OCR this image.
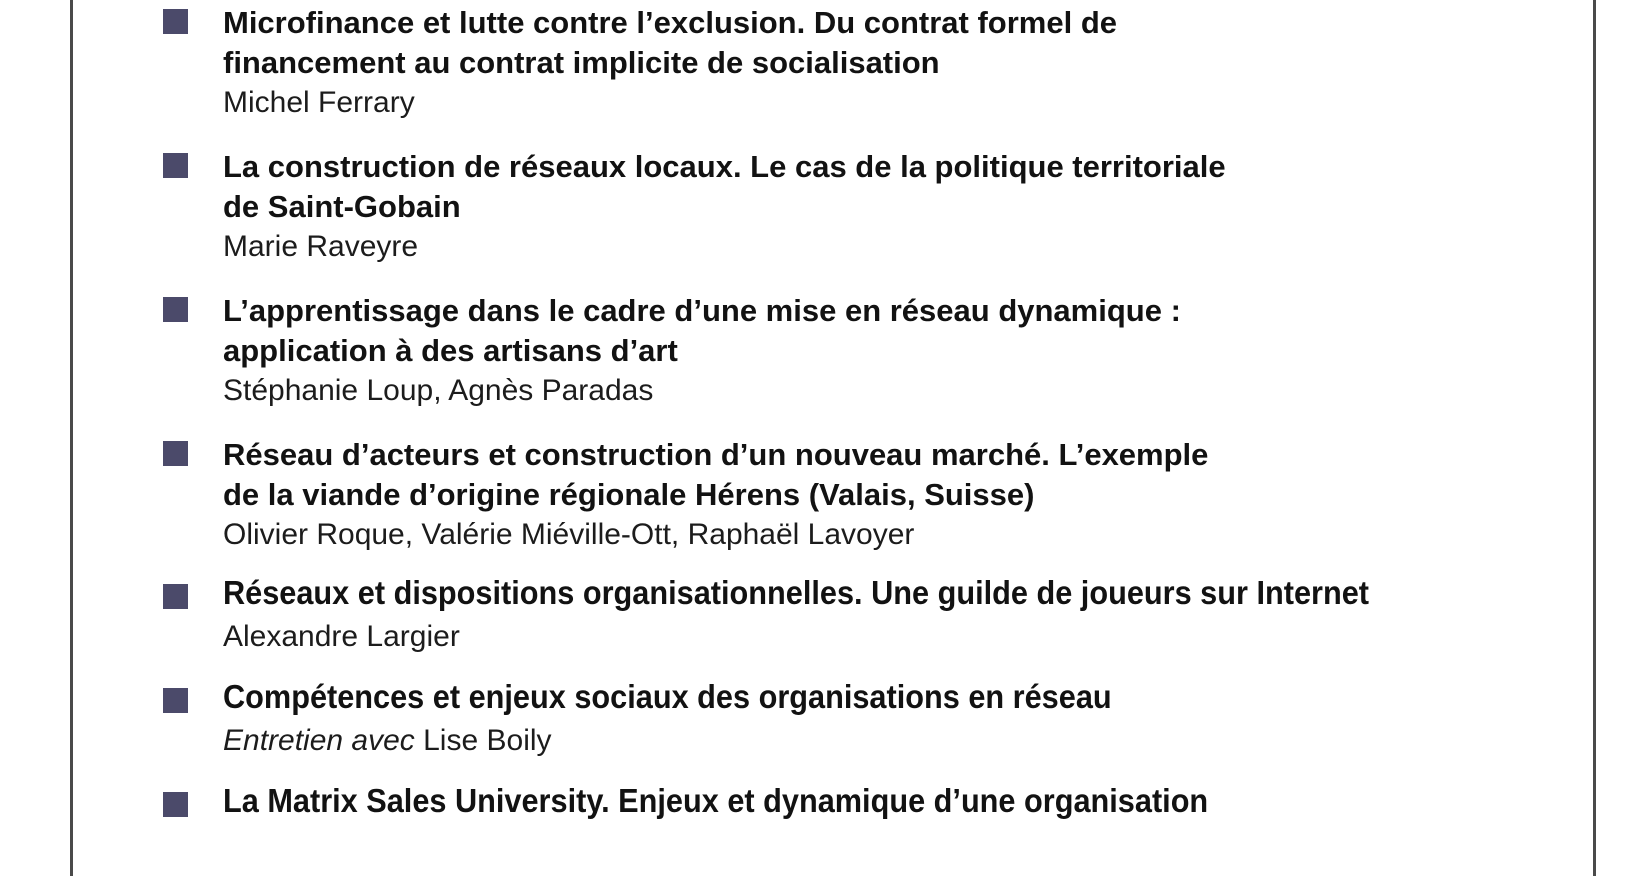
Microfinance et lutte contre l’exclusion. Du contrat formel de
financement au contrat implicite de socialisation
Michel Ferrary
La construction de réseaux locaux. Le cas de la politique territoriale
de Saint-Gobain
Marie Raveyre
L’apprentissage dans le cadre d’une mise en réseau dynamique :
application à des artisans d’art
Stéphanie Loup, Agnès Paradas
Réseau d’acteurs et construction d’un nouveau marché. L’exemple
de la viande d’origine régionale Hérens (Valais, Suisse)
Olivier Roque, Valérie Miéville-Ott, Raphaël Lavoyer
Réseaux et dispositions organisationnelles. Une guilde de joueurs sur Internet
Alexandre Largier
Compétences et enjeux sociaux des organisations en réseau
Entretien avec Lise Boily
La Matrix Sales University. Enjeux et dynamique d’une organisation
